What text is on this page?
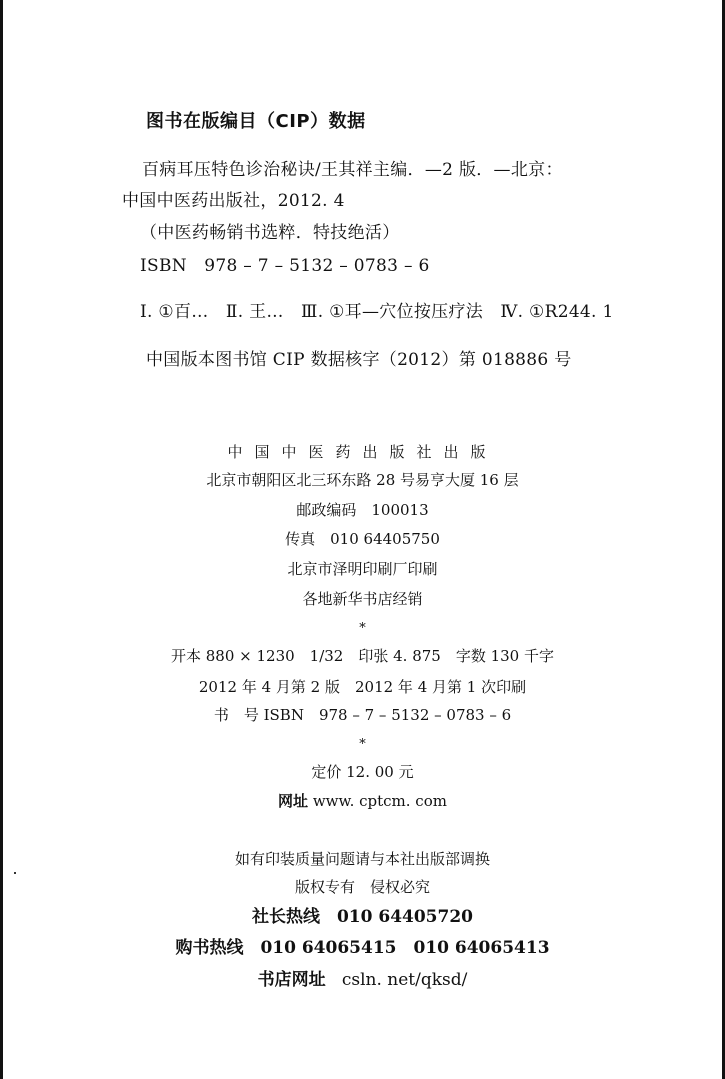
图书在版编目（CIP）数据
百病耳压特色诊治秘诀/王其祥主编．—2 版．—北京：
中国中医药出版社，2012. 4
（中医药畅销书选粹．特技绝活）
ISBN　978 – 7 – 5132 – 0783 – 6
Ⅰ. ①百…　Ⅱ. 王…　Ⅲ. ①耳—穴位按压疗法　Ⅳ. ①R244. 1
中国版本图书馆 CIP 数据核字（2012）第 018886 号
中国中医药出版社出版
北京市朝阳区北三环东路 28 号易亨大厦 16 层
邮政编码　100013
传真　010 64405750
北京市泽明印刷厂印刷
各地新华书店经销
*
开本 880 × 1230　1/32　印张 4. 875　字数 130 千字
2012 年 4 月第 2 版　2012 年 4 月第 1 次印刷
书　号 ISBN　978 – 7 – 5132 – 0783 – 6
*
定价 12. 00 元
网址 www. cptcm. com
如有印装质量问题请与本社出版部调换
版权专有　侵权必究
社长热线　010 64405720
购书热线　010 64065415　010 64065413
书店网址 csln. net/qksd/
